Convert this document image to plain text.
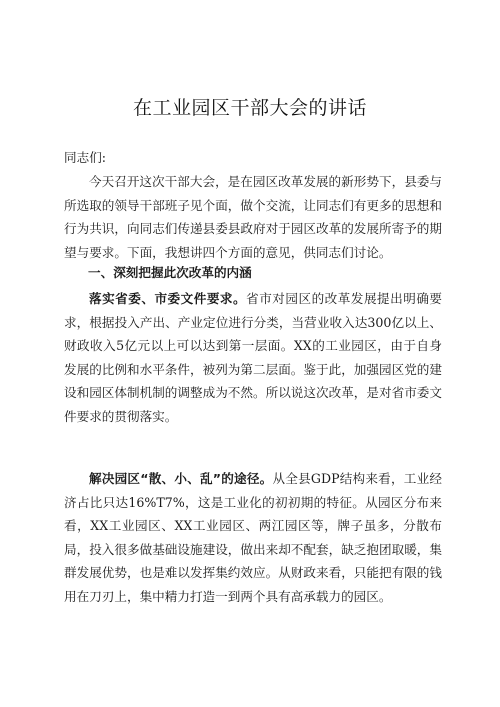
在工业园区干部大会的讲话
同志们:
今天召开这次干部大会，是在园区改革发展的新形势下，县委与所选取的领导干部班子见个面，做个交流，让同志们有更多的思想和行为共识，向同志们传递县委县政府对于园区改革的发展所寄予的期望与要求。下面，我想讲四个方面的意见，供同志们讨论。
一、深刻把握此次改革的内涵
落实省委、市委文件要求。省市对园区的改革发展提出明确要求，根据投入产出、产业定位进行分类，当营业收入达300亿以上、财政收入5亿元以上可以达到第一层面。XX的工业园区，由于自身发展的比例和水平条件，被列为第二层面。鉴于此，加强园区党的建设和园区体制机制的调整成为不然。所以说这次改革，是对省市委文件要求的贯彻落实。
解决园区“散、小、乱”的途径。从全县GDP结构来看，工业经济占比只达16%T7%，这是工业化的初初期的特征。从园区分布来看，XX工业园区、XX工业园区、两江园区等，牌子虽多，分散布局，投入很多做基础设施建设，做出来却不配套，缺乏抱团取暖，集群发展优势，也是难以发挥集约效应。从财政来看，只能把有限的钱用在刀刃上，集中精力打造一到两个具有高承载力的园区。
